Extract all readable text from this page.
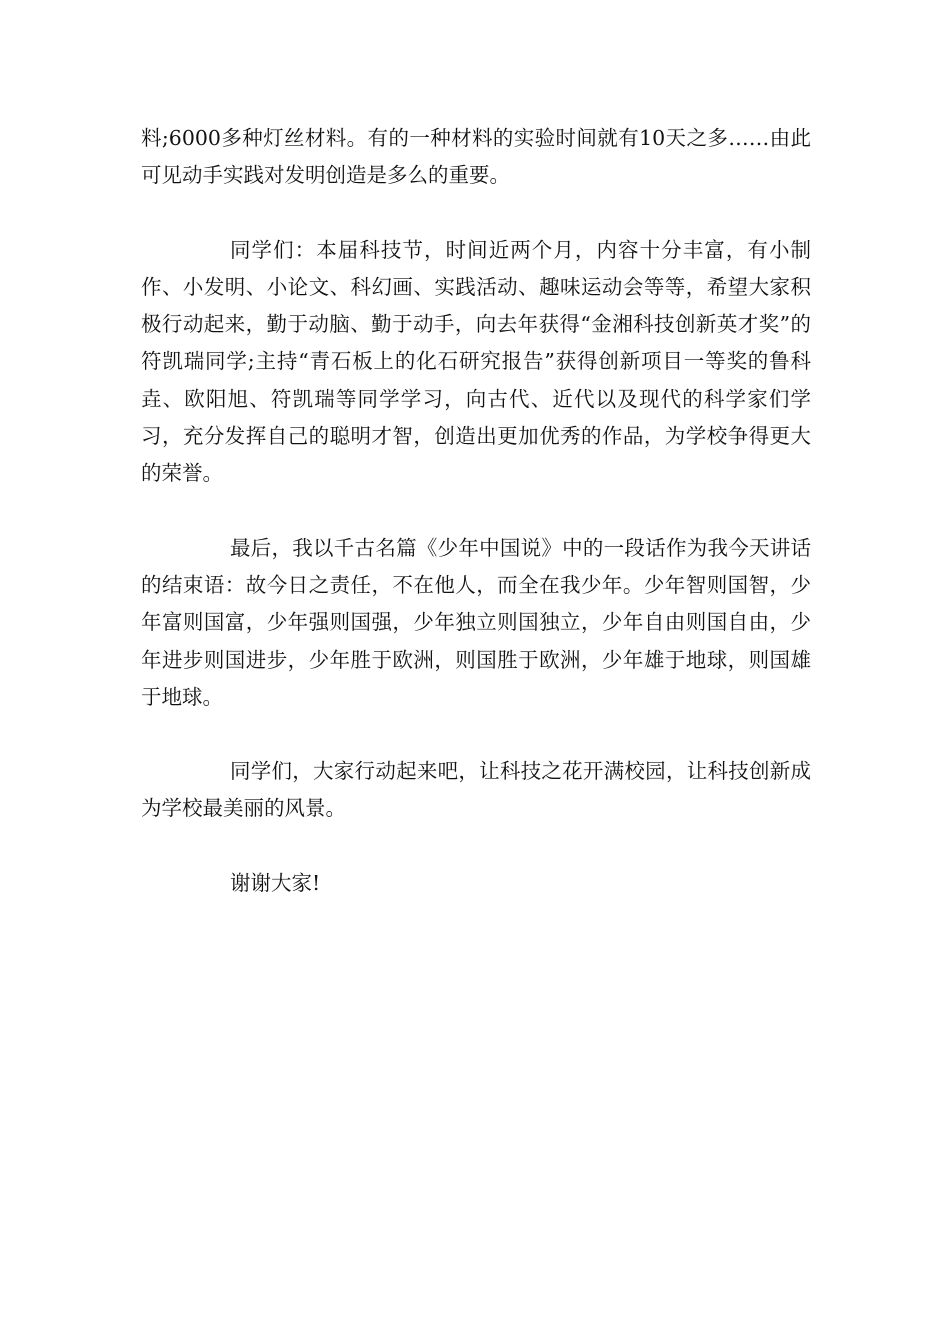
料;6000多种灯丝材料。有的一种材料的实验时间就有10天之多……由此可见动手实践对发明创造是多么的重要。

同学们：本届科技节，时间近两个月，内容十分丰富，有小制作、小发明、小论文、科幻画、实践活动、趣味运动会等等，希望大家积极行动起来，勤于动脑、勤于动手，向去年获得“金湘科技创新英才奖”的符凯瑞同学;主持“青石板上的化石研究报告”获得创新项目一等奖的鲁科垚、欧阳旭、符凯瑞等同学学习，向古代、近代以及现代的科学家们学习，充分发挥自己的聪明才智，创造出更加优秀的作品，为学校争得更大的荣誉。

最后，我以千古名篇《少年中国说》中的一段话作为我今天讲话的结束语：故今日之责任，不在他人，而全在我少年。少年智则国智，少年富则国富，少年强则国强，少年独立则国独立，少年自由则国自由，少年进步则国进步，少年胜于欧洲，则国胜于欧洲，少年雄于地球，则国雄于地球。

同学们，大家行动起来吧，让科技之花开满校园，让科技创新成为学校最美丽的风景。

谢谢大家!
